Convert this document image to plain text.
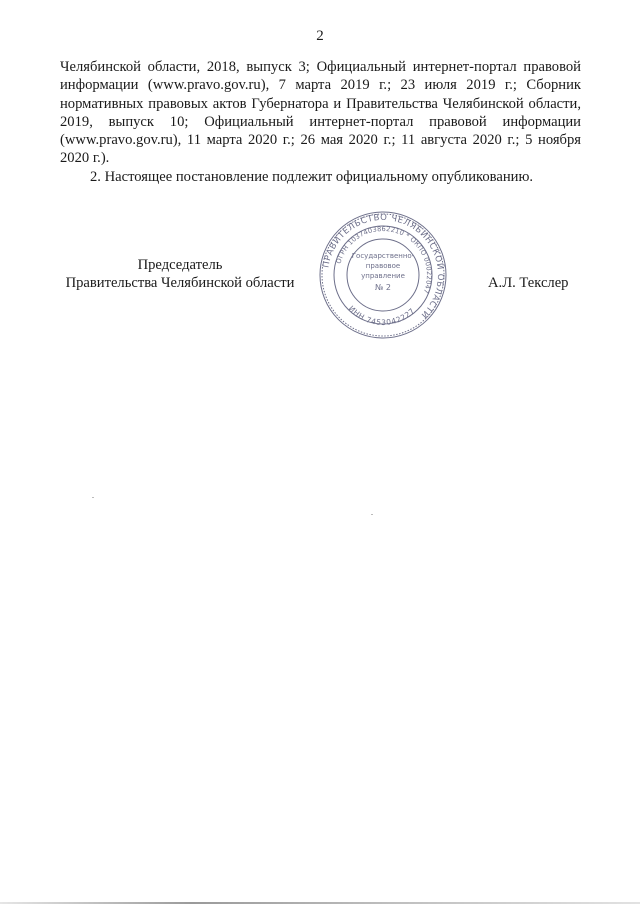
2

Челябинской области, 2018, выпуск 3; Официальный интернет-портал правовой информации (www.pravo.gov.ru), 7 марта 2019 г.; 23 июля 2019 г.; Сборник нормативных правовых актов Губернатора и Правительства Челябинской области, 2019, выпуск 10; Официальный интернет-портал правовой информации (www.pravo.gov.ru), 11 марта 2020 г.; 26 мая 2020 г.; 11 августа 2020 г.; 5 ноября 2020 г.).

2. Настоящее постановление подлежит официальному опубликованию.

Председатель
Правительства Челябинской области	А.Л. Текслер
ПРАВИТЕЛЬСТВО ЧЕЛЯБИНСКОЙ ОБЛАСТИ
ОГРН 1037403862210 * ОКПО 00022047
ИНН 7453042227
Государственно-
правовое
управление
№ 2
